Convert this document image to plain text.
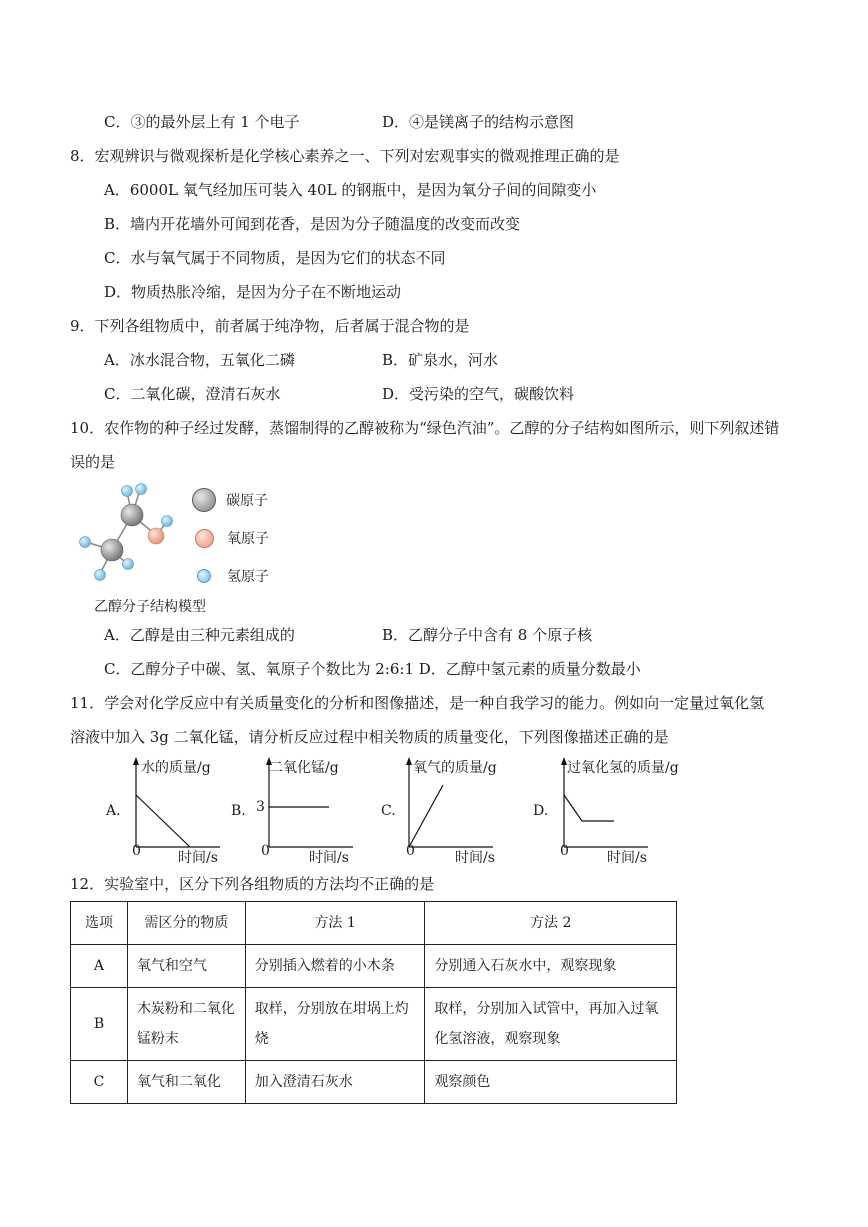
C．③的最外层上有 1 个电子	D．④是镁离子的结构示意图
8．宏观辨识与微观探析是化学核心素养之一、下列对宏观事实的微观推理正确的是
A．6000L 氧气经加压可装入 40L 的钢瓶中，是因为氧分子间的间隙变小
B．墙内开花墙外可闻到花香，是因为分子随温度的改变而改变
C．水与氧气属于不同物质，是因为它们的状态不同
D．物质热胀冷缩，是因为分子在不断地运动
9．下列各组物质中，前者属于纯净物，后者属于混合物的是
A．冰水混合物，五氧化二磷	B．矿泉水，河水
C．二氧化碳，澄清石灰水	D．受污染的空气，碳酸饮料
10．农作物的种子经过发酵，蒸馏制得的乙醇被称为“绿色汽油”。乙醇的分子结构如图所示，则下列叙述错
误的是
碳原子
氧原子
氢原子
乙醇分子结构模型
A．乙醇是由三种元素组成的	B．乙醇分子中含有 8 个原子核
C．乙醇分子中碳、氢、氧原子个数比为 2:6:1 D．乙醇中氢元素的质量分数最小
11．学会对化学反应中有关质量变化的分析和图像描述，是一种自我学习的能力。例如向一定量过氧化氢
溶液中加入 3g 二氧化锰，请分析反应过程中相关物质的质量变化，下列图像描述正确的是
A.
水的质量/g
0	时间/s
B.
二氧化锰/g
3
0	时间/s
C.
氧气的质量/g
0	时间/s
D.
过氧化氢的质量/g
0	时间/s
12．实验室中，区分下列各组物质的方法均不正确的是
选项	需区分的物质	方法 1	方法 2
A	氧气和空气	分别插入燃着的小木条	分别通入石灰水中，观察现象
B	木炭粉和二氧化锰粉末	取样，分别放在坩埚上灼烧	取样，分别加入试管中，再加入过氧化氢溶液，观察现象
C	氧气和二氧化	加入澄清石灰水	观察颜色
